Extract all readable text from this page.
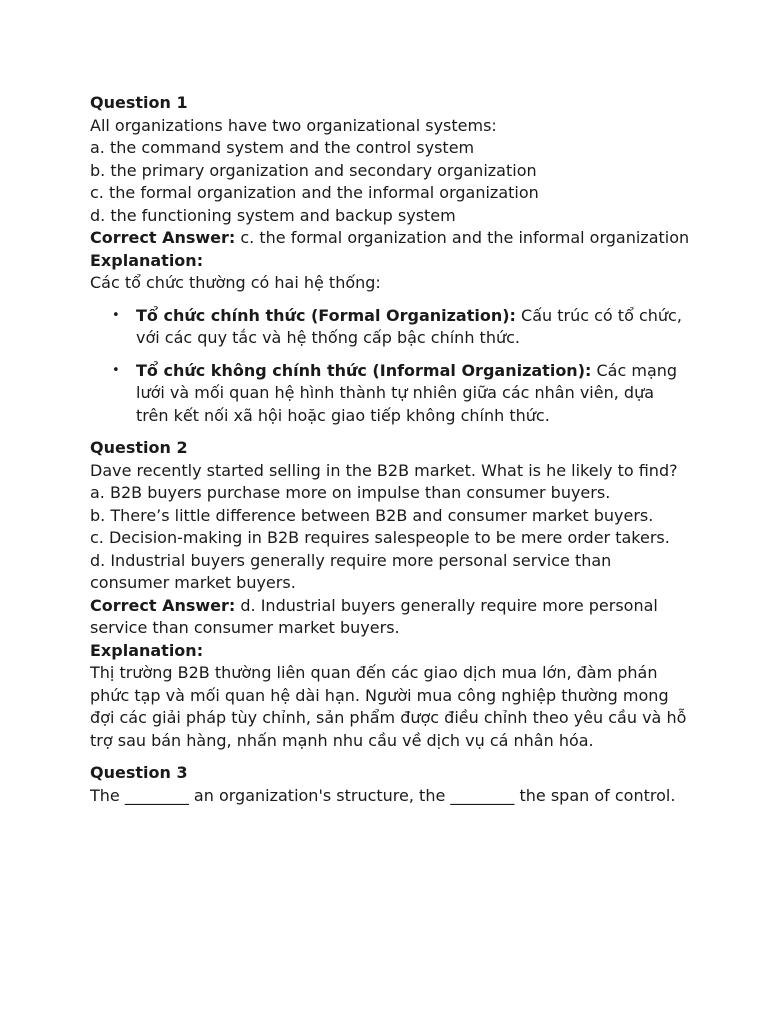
Question 1

All organizations have two organizational systems:

a. the command system and the control system

b. the primary organization and secondary organization

c. the formal organization and the informal organization

d. the functioning system and backup system

Correct Answer: c. the formal organization and the informal organization

Explanation:

Các tổ chức thường có hai hệ thống:

• Tổ chức chính thức (Formal Organization): Cấu trúc có tổ chức, với các quy tắc và hệ thống cấp bậc chính thức.
• Tổ chức không chính thức (Informal Organization): Các mạng lưới và mối quan hệ hình thành tự nhiên giữa các nhân viên, dựa trên kết nối xã hội hoặc giao tiếp không chính thức.

Question 2

Dave recently started selling in the B2B market. What is he likely to find?

a. B2B buyers purchase more on impulse than consumer buyers.

b. There’s little difference between B2B and consumer market buyers.

c. Decision-making in B2B requires salespeople to be mere order takers.

d. Industrial buyers generally require more personal service than consumer market buyers.

Correct Answer: d. Industrial buyers generally require more personal service than consumer market buyers.

Explanation:

Thị trường B2B thường liên quan đến các giao dịch mua lớn, đàm phán phức tạp và mối quan hệ dài hạn. Người mua công nghiệp thường mong đợi các giải pháp tùy chỉnh, sản phẩm được điều chỉnh theo yêu cầu và hỗ trợ sau bán hàng, nhấn mạnh nhu cầu về dịch vụ cá nhân hóa.

Question 3

The ________ an organization's structure, the ________ the span of control.
